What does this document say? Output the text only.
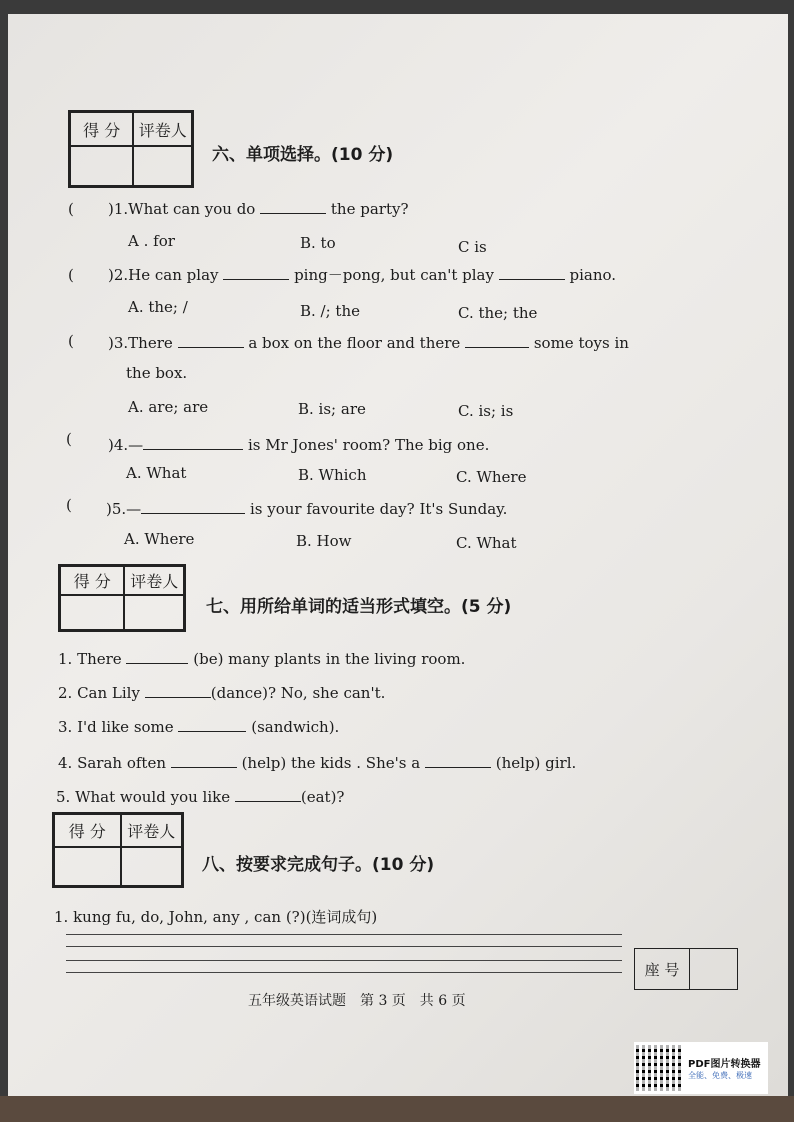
得 分	评卷人
六、单项选择。(10 分)
( )1.What can you do	the party?
A . for	B. to	C is
( )2.He can play	ping－pong, but can't play	piano.
A. the; /	B. /; the	C. the; the
( )3.There	a box on the floor and there	some toys in
the box.
A. are; are	B. is; are	C. is; is
( )4.—	is Mr Jones' room? The big one.
A. What	B. Which	C. Where
( )5.—	is your favourite day? It's Sunday.
A. Where	B. How	C. What
得 分	评卷人
七、用所给单词的适当形式填空。(5 分)
1. There	(be) many plants in the living room.
2. Can Lily	(dance)? No, she can't.
3. I'd like some	(sandwich).
4. Sarah often	(help) the kids . She's a	(help) girl.
5. What would you like	(eat)?
得 分	评卷人
八、按要求完成句子。(10 分)
1. kung fu, do, John, any , can (?)(连词成句)
座 号
五年级英语试题　第 3 页　共 6 页
PDF图片转换器
全能、免费、极速
